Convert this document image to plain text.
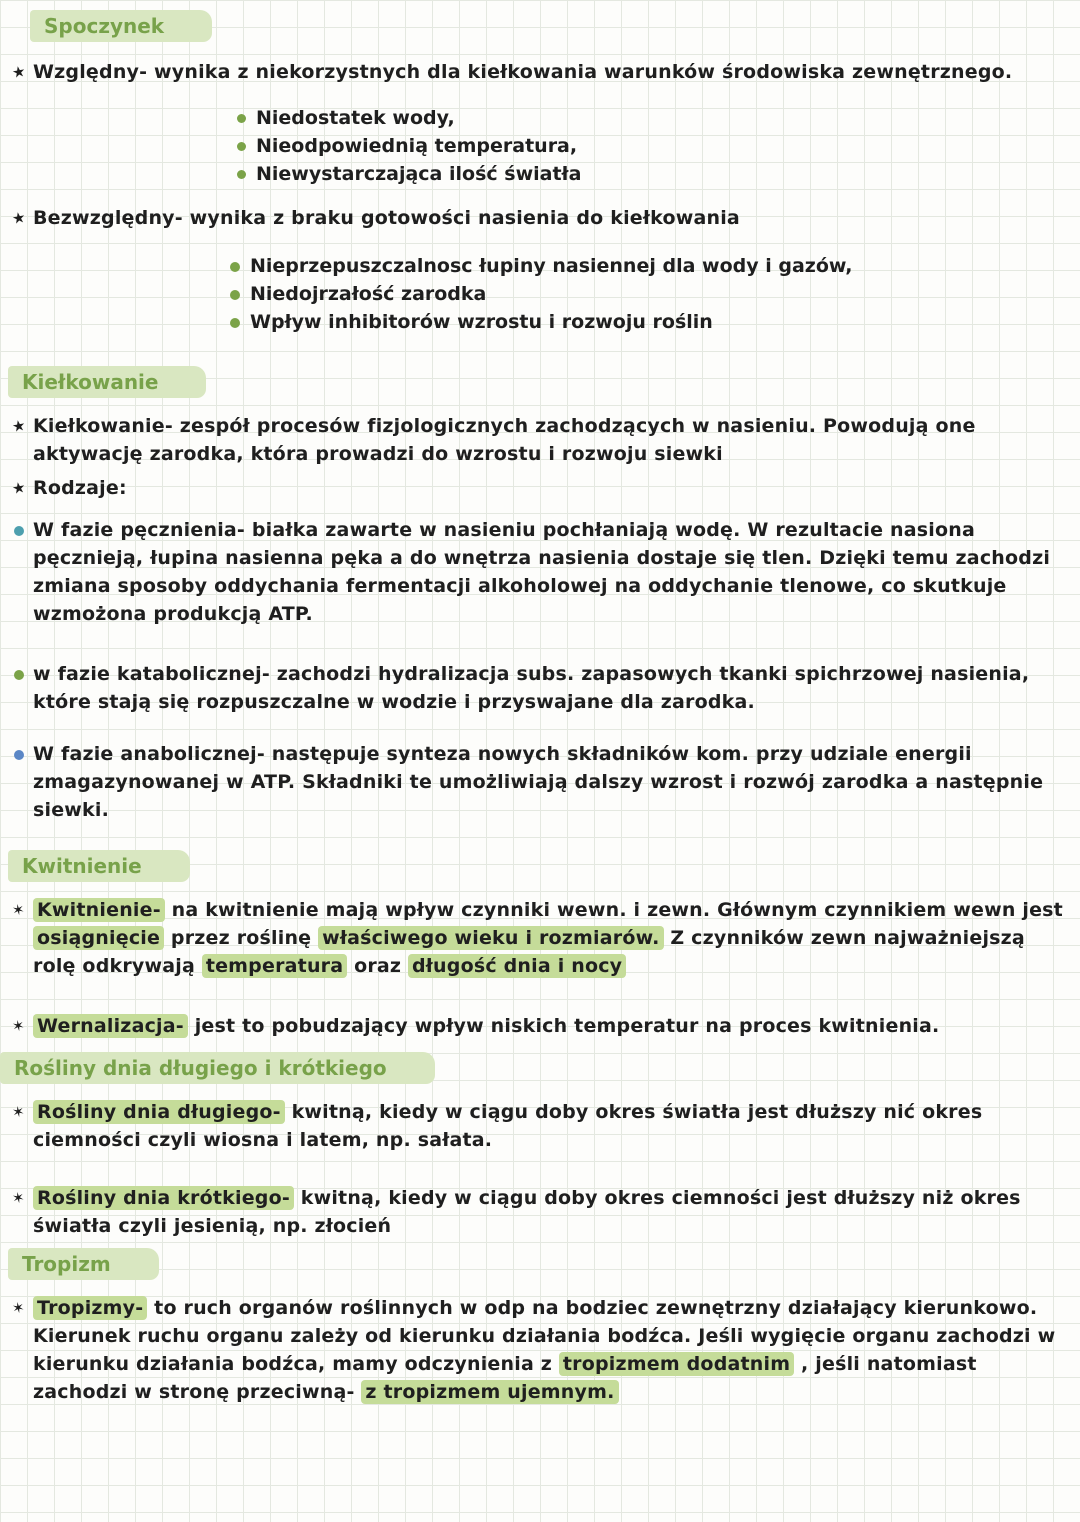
Spoczynek
★ Względny- wynika z niekorzystnych dla kiełkowania warunków środowiska zewnętrznego.

Niedostatek wody,
Nieodpowiednią temperatura,
Niewystarczająca ilość światła
★ Bezwzględny- wynika z braku gotowości nasienia do kiełkowania

Nieprzepuszczalnosc łupiny nasiennej dla wody i gazów,
Niedojrzałość zarodka
Wpływ inhibitorów wzrostu i rozwoju roślin
Kiełkowanie
★ Kiełkowanie- zespół procesów fizjologicznych zachodzących w nasieniu. Powodują one aktywację zarodka, która prowadzi do wzrostu i rozwoju siewki

★ Rodzaje:

W fazie pęcznienia- białka zawarte w nasieniu pochłaniają wodę. W rezultacie nasiona pęcznieją, łupina nasienna pęka a do wnętrza nasienia dostaje się tlen. Dzięki temu zachodzi zmiana sposoby oddychania fermentacji alkoholowej na oddychanie tlenowe, co skutkuje wzmożona produkcją ATP.

w fazie katabolicznej- zachodzi hydralizacja subs. zapasowych tkanki spichrzowej nasienia, które stają się rozpuszczalne w wodzie i przyswajane dla zarodka.

W fazie anabolicznej- następuje synteza nowych składników kom. przy udziale energii zmagazynowanej w ATP. Składniki te umożliwiają dalszy wzrost i rozwój zarodka a następnie siewki.

Kwitnienie
✶ Kwitnienie- na kwitnienie mają wpływ czynniki wewn. i zewn. Głównym czynnikiem wewn jest osiągnięcie przez roślinę właściwego wieku i rozmiarów. Z czynników zewn najważniejszą rolę odkrywają temperatura oraz długość dnia i nocy

✶ Wernalizacja- jest to pobudzający wpływ niskich temperatur na proces kwitnienia.

Rośliny dnia długiego i krótkiego
✶ Rośliny dnia długiego- kwitną, kiedy w ciągu doby okres światła jest dłuższy nić okres ciemności czyli wiosna i latem, np. sałata.

✶ Rośliny dnia krótkiego- kwitną, kiedy w ciągu doby okres ciemności jest dłuższy niż okres światła czyli jesienią, np. złocień

Tropizm
✶ Tropizmy- to ruch organów roślinnych w odp na bodziec zewnętrzny działający kierunkowo. Kierunek ruchu organu zależy od kierunku działania bodźca. Jeśli wygięcie organu zachodzi w kierunku działania bodźca, mamy odczynienia z tropizmem dodatnim , jeśli natomiast zachodzi w stronę przeciwną- z tropizmem ujemnym.
